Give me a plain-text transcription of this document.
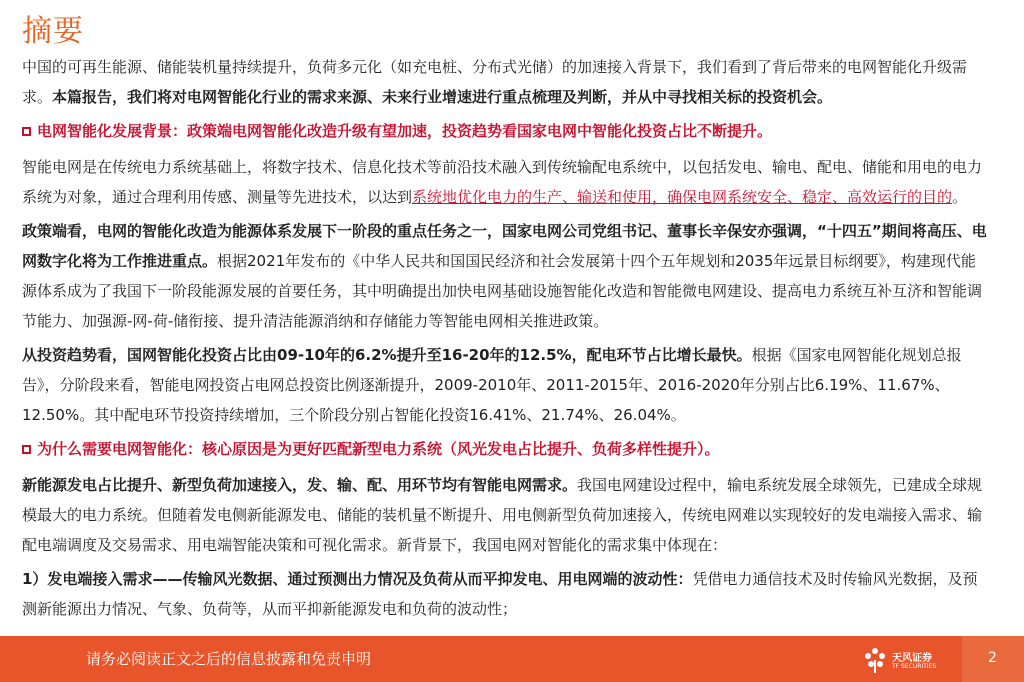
摘要

中国的可再生能源、储能装机量持续提升，负荷多元化（如充电桩、分布式光储）的加速接入背景下，我们看到了背后带来的电网智能化升级需求。本篇报告，我们将对电网智能化行业的需求来源、未来行业增速进行重点梳理及判断，并从中寻找相关标的投资机会。

电网智能化发展背景：政策端电网智能化改造升级有望加速，投资趋势看国家电网中智能化投资占比不断提升。

智能电网是在传统电力系统基础上，将数字技术、信息化技术等前沿技术融入到传统输配电系统中，以包括发电、输电、配电、储能和用电的电力系统为对象，通过合理利用传感、测量等先进技术，以达到系统地优化电力的生产、输送和使用，确保电网系统安全、稳定、高效运行的目的。

政策端看，电网的智能化改造为能源体系发展下一阶段的重点任务之一，国家电网公司党组书记、董事长辛保安亦强调，“十四五”期间将高压、电网数字化将为工作推进重点。根据2021年发布的《中华人民共和国国民经济和社会发展第十四个五年规划和2035年远景目标纲要》，构建现代能源体系成为了我国下一阶段能源发展的首要任务，其中明确提出加快电网基础设施智能化改造和智能微电网建设、提高电力系统互补互济和智能调节能力、加强源-网-荷-储衔接、提升清洁能源消纳和存储能力等智能电网相关推进政策。

从投资趋势看，国网智能化投资占比由09-10年的6.2%提升至16-20年的12.5%，配电环节占比增长最快。根据《国家电网智能化规划总报告》，分阶段来看，智能电网投资占电网总投资比例逐渐提升，2009-2010年、2011-2015年、2016-2020年分别占比6.19%、11.67%、12.50%。其中配电环节投资持续增加，三个阶段分别占智能化投资16.41%、21.74%、26.04%。

为什么需要电网智能化：核心原因是为更好匹配新型电力系统（风光发电占比提升、负荷多样性提升）。

新能源发电占比提升、新型负荷加速接入，发、输、配、用环节均有智能电网需求。我国电网建设过程中，输电系统发展全球领先，已建成全球规模最大的电力系统。但随着发电侧新能源发电、储能的装机量不断提升、用电侧新型负荷加速接入，传统电网难以实现较好的发电端接入需求、输配电端调度及交易需求、用电端智能决策和可视化需求。新背景下，我国电网对智能化的需求集中体现在：

1）发电端接入需求——传输风光数据、通过预测出力情况及负荷从而平抑发电、用电网端的波动性：凭借电力通信技术及时传输风光数据，及预测新能源出力情况、气象、负荷等，从而平抑新能源发电和负荷的波动性；

请务必阅读正文之后的信息披露和免责申明	天风证券
TF SECURITIES
2
